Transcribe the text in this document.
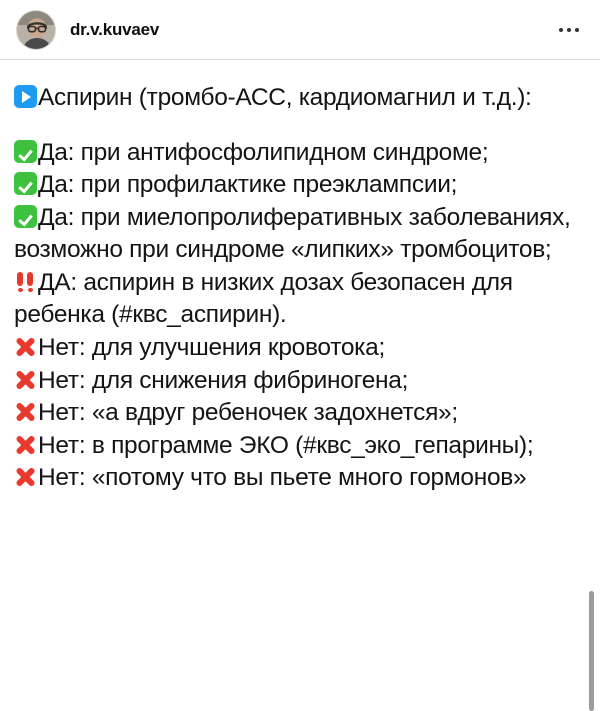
dr.v.kuvaev
Аспирин (тромбо-АСС, кардиомагнил и т.д.):
Да: при антифосфолипидном синдроме;
Да: при профилактике преэклампсии;
Да: при миелопролиферативных заболеваниях, возможно при синдроме «липких» тромбоцитов;
ДА: аспирин в низких дозах безопасен для ребенка (#квс_аспирин).
Нет: для улучшения кровотока;
Нет: для снижения фибриногена;
Нет: «а вдруг ребеночек задохнется»;
Нет: в программе ЭКО (#квс_эко_гепарины);
Нет: «потому что вы пьете много гормонов»
